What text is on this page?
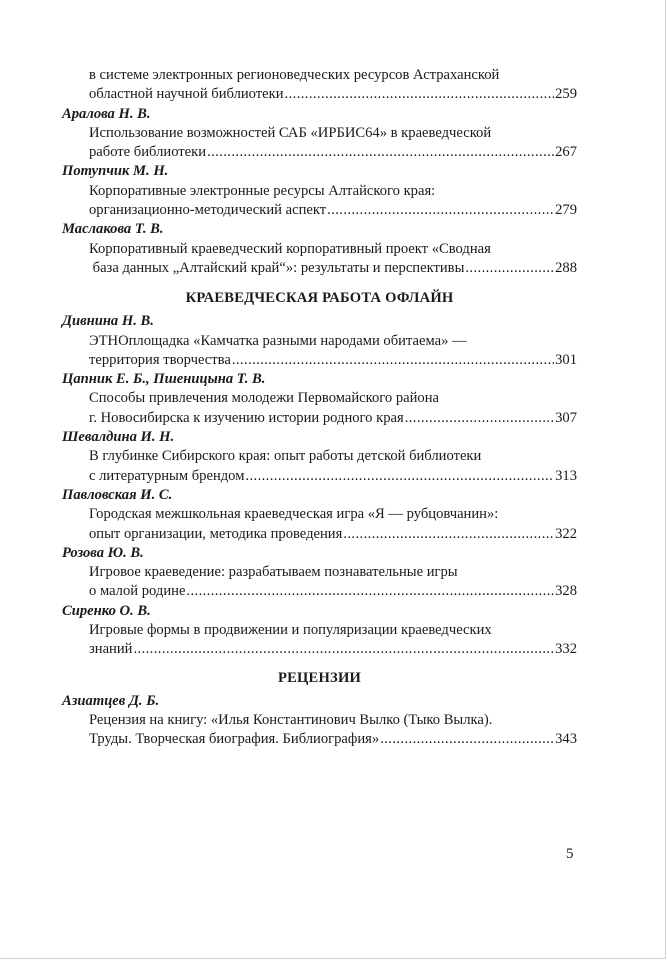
в системе электронных регионоведческих ресурсов Астраханской
областной научной библиотеки .....	259
Аралова Н. В.
Использование возможностей САБ «ИРБИС64» в краеведческой
работе библиотеки .....	267
Потупчик М. Н.
Корпоративные электронные ресурсы Алтайского края:
организационно-методический аспект .....	279
Маслакова Т. В.
Корпоративный краеведческий корпоративный проект «Сводная
база данных „Алтайский край“»: результаты и перспективы .....	288
КРАЕВЕДЧЕСКАЯ РАБОТА ОФЛАЙН
Дивнина Н. В.
ЭТНОплощадка «Камчатка разными народами обитаема» —
территория творчества .....	301
Цапник Е. Б., Пшеницына Т. В.
Способы привлечения молодежи Первомайского района
г. Новосибирска к изучению истории родного края .....	307
Шевалдина И. Н.
В глубинке Сибирского края: опыт работы детской библиотеки
с литературным брендом .....	313
Павловская И. С.
Городская межшкольная краеведческая игра «Я — рубцовчанин»:
опыт организации, методика проведения .....	322
Розова Ю. В.
Игровое краеведение: разрабатываем познавательные игры
о малой родине .....	328
Сиренко О. В.
Игровые формы в продвижении и популяризации краеведческих
знаний .....	332
РЕЦЕНЗИИ
Азиатцев Д. Б.
Рецензия на книгу: «Илья Константинович Вылко (Тыко Вылка).
Труды. Творческая биография. Библиография» .....	343
5
